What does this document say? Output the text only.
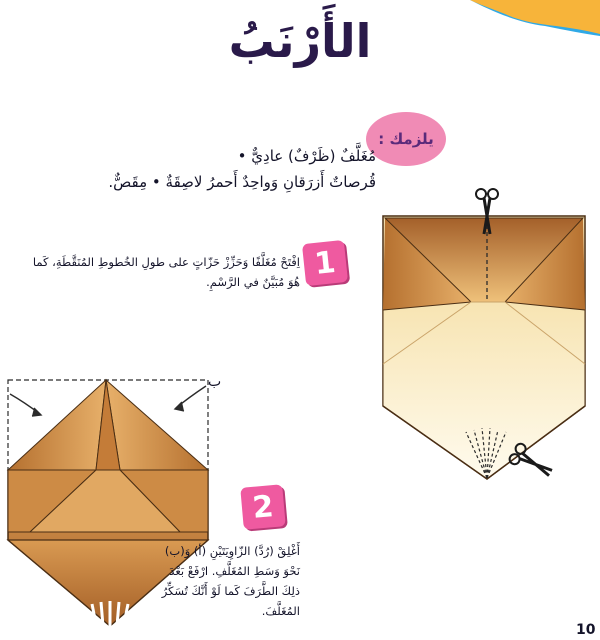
الأَرْنَبُ
يلزمك :
مُغَلَّفٌ (ظَرْفٌ) عادِيٌّ •
قُرصاتٌ أَزرَقانِ وَواحِدٌ أَحمرُ لاصِقَةٌ • مِقَصٌّ.
1
اِفْتَحْ مُغَلَّفًا وَحَزِّزْ حَزّاتٍ على طولِ الخُطوطِ المُنَقَّطَةِ، كَما هُوَ مُبَيَّنٌ في الرَّسْمِ.
2
أَغْلِقْ (رُدَّ) الزّاوِيَتَيْنِ (أ) وَ(ب) نَحْوَ وَسَطِ المُغَلَّفِ. ارْفَعْ بَعْدَ ذلِكَ الطَّرَفَ كَما لَوْ أَنَّكَ تُسَكِّرُ المُغَلَّفَ.
ب
10
